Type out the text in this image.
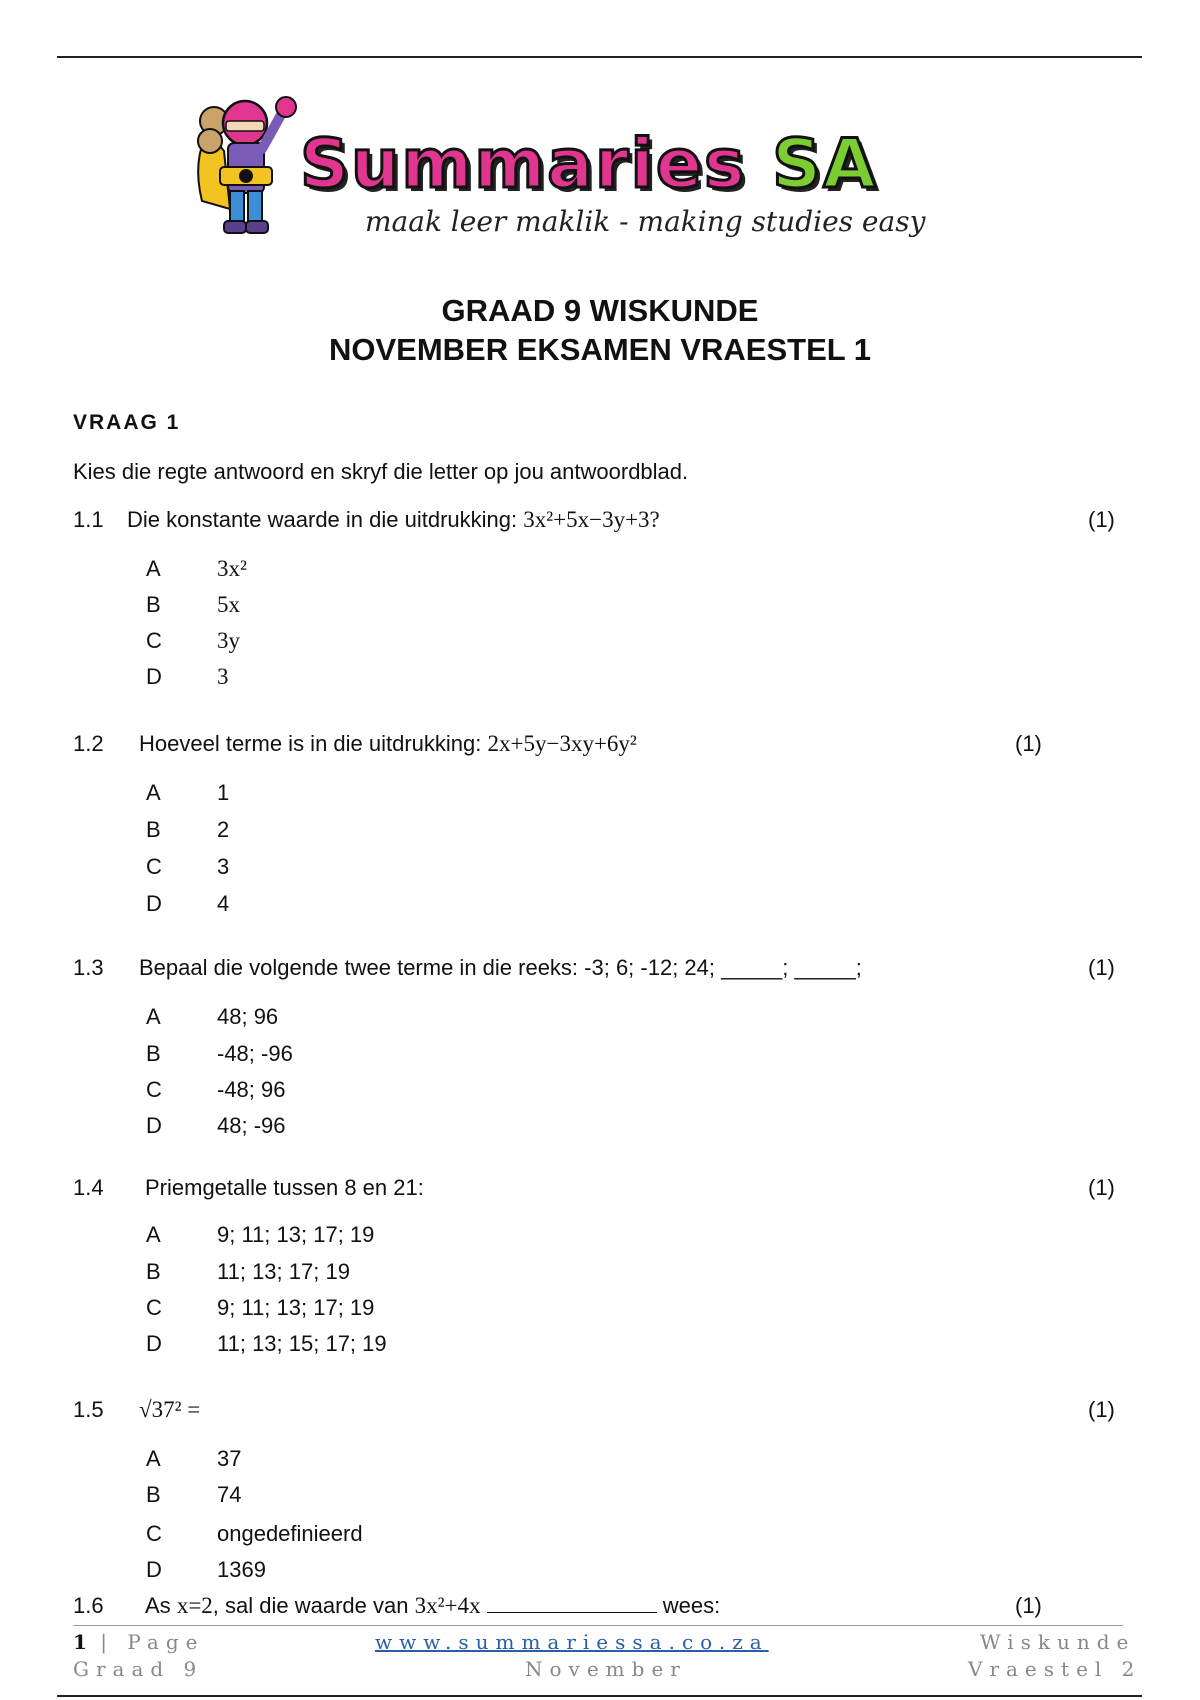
Summaries SA
maak leer maklik - making studies easy
GRAAD 9 WISKUNDE
NOVEMBER EKSAMEN VRAESTEL 1
VRAAG 1
Kies die regte antwoord en skryf die letter op jou antwoordblad.
1.1 Die konstante waarde in die uitdrukking: 3x²+5x−3y+3?	(1)
A 3x²
B 5x
C 3y
D 3
1.2 Hoeveel terme is in die uitdrukking: 2x+5y−3xy+6y²	(1)
A	1
B	2
C	3
D	4
1.3 Bepaal die volgende twee terme in die reeks: -3; 6; -12; 24; _____; _____;	(1)
A	48; 96
B	-48; -96
C	-48; 96
D	48; -96
1.4 Priemgetalle tussen 8 en 21:	(1)
A	9; 11; 13; 17; 19
B	11; 13; 17; 19
C	9; 11; 13; 17; 19
D	11; 13; 15; 17; 19
1.5 √37² =	(1)
A	37
B	74
C	ongedefinieerd
D	1369
1.6 As x=2, sal die waarde van 3x²+4x	wees:	(1)
1 | Page	www.summariessa.co.za	Wiskunde
Graad 9	November	Vraestel 2
